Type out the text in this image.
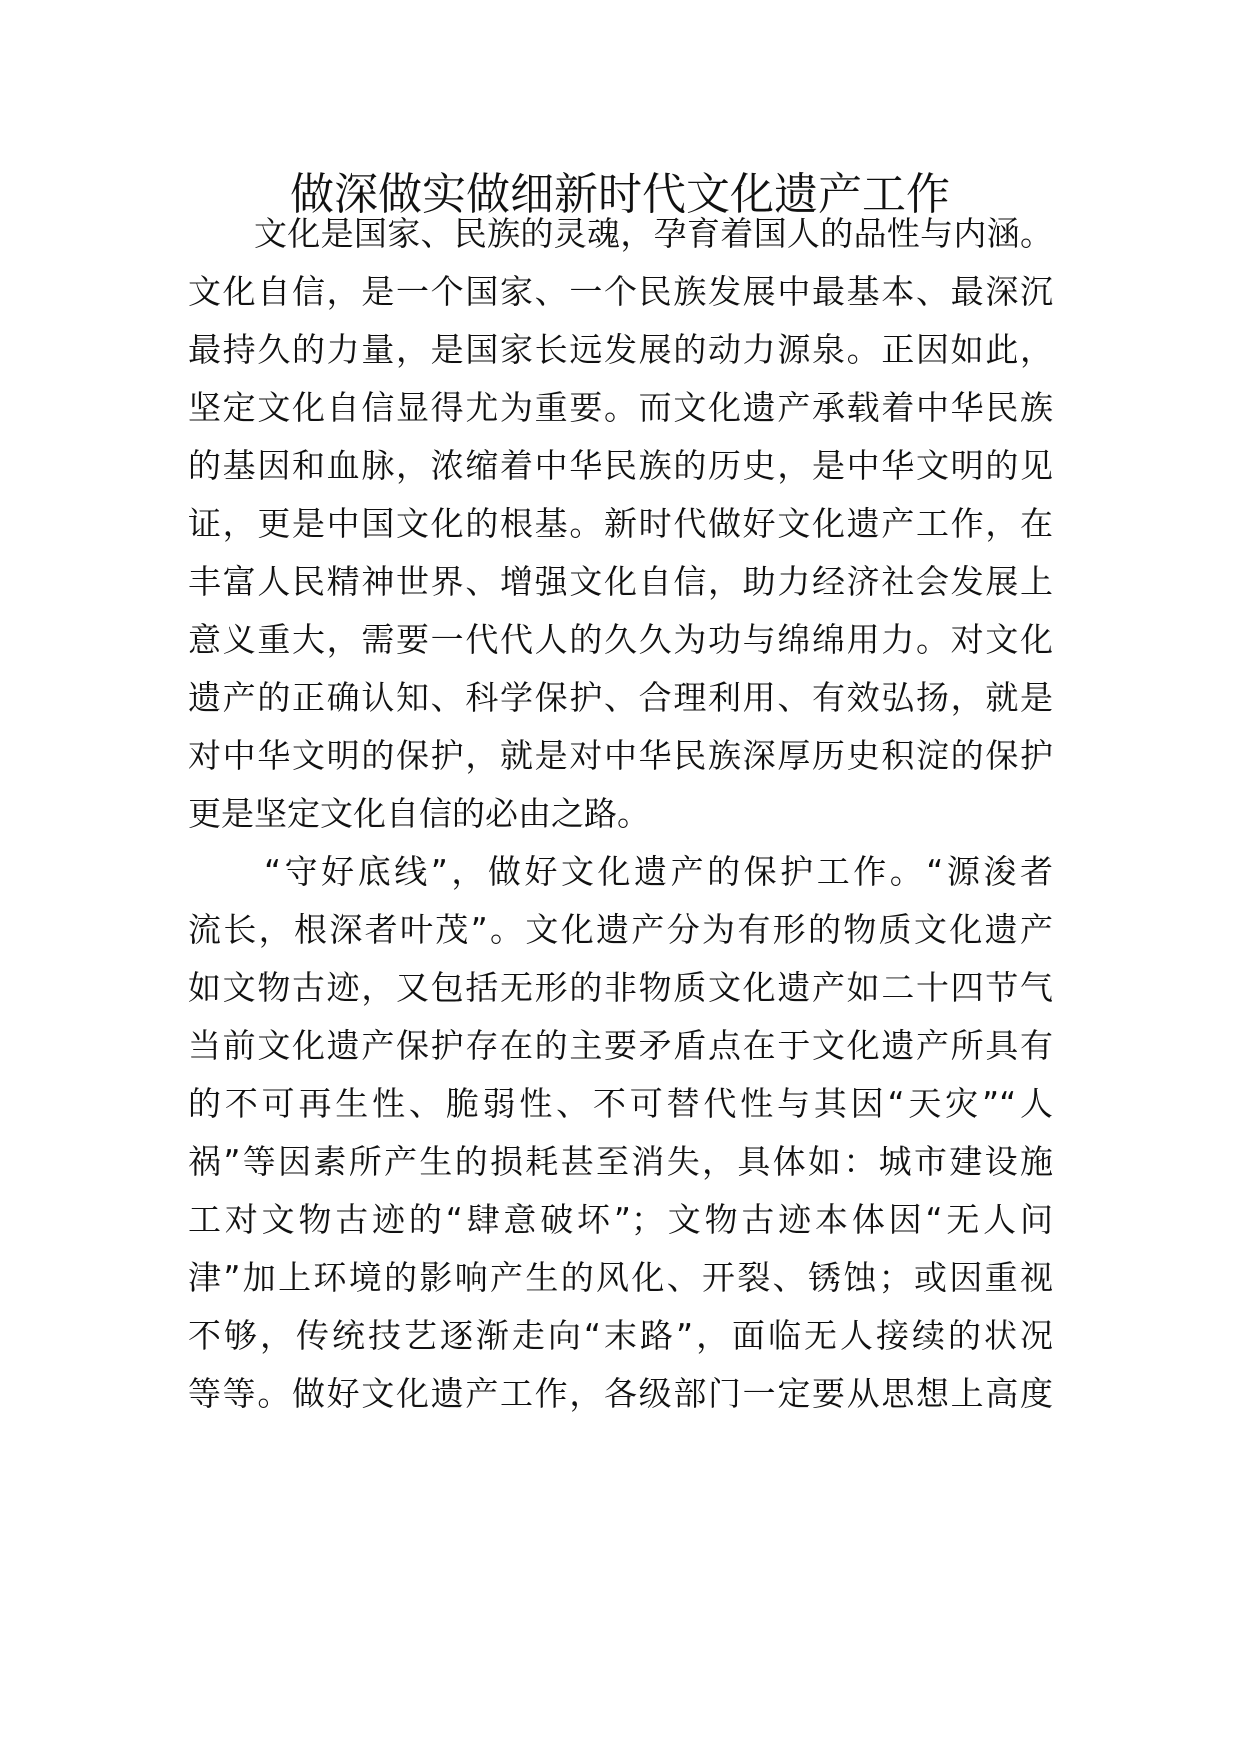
做深做实做细新时代文化遗产工作
文化是国家、民族的灵魂，孕育着国人的品性与内涵。
文化自信，是一个国家、一个民族发展中最基本、最深沉
最持久的力量，是国家长远发展的动力源泉。正因如此，
坚定文化自信显得尤为重要。而文化遗产承载着中华民族
的基因和血脉，浓缩着中华民族的历史，是中华文明的见
证，更是中国文化的根基。新时代做好文化遗产工作，在
丰富人民精神世界、增强文化自信，助力经济社会发展上
意义重大，需要一代代人的久久为功与绵绵用力。对文化
遗产的正确认知、科学保护、合理利用、有效弘扬，就是
对中华文明的保护，就是对中华民族深厚历史积淀的保护
更是坚定文化自信的必由之路。
“守好底线”，做好文化遗产的保护工作。“源浚者
流长，根深者叶茂”。文化遗产分为有形的物质文化遗产
如文物古迹，又包括无形的非物质文化遗产如二十四节气
当前文化遗产保护存在的主要矛盾点在于文化遗产所具有
的不可再生性、脆弱性、不可替代性与其因“天灾”“人
祸”等因素所产生的损耗甚至消失，具体如：城市建设施
工对文物古迹的“肆意破坏”；文物古迹本体因“无人问
津”加上环境的影响产生的风化、开裂、锈蚀；或因重视
不够，传统技艺逐渐走向“末路”，面临无人接续的状况
等等。做好文化遗产工作，各级部门一定要从思想上高度
